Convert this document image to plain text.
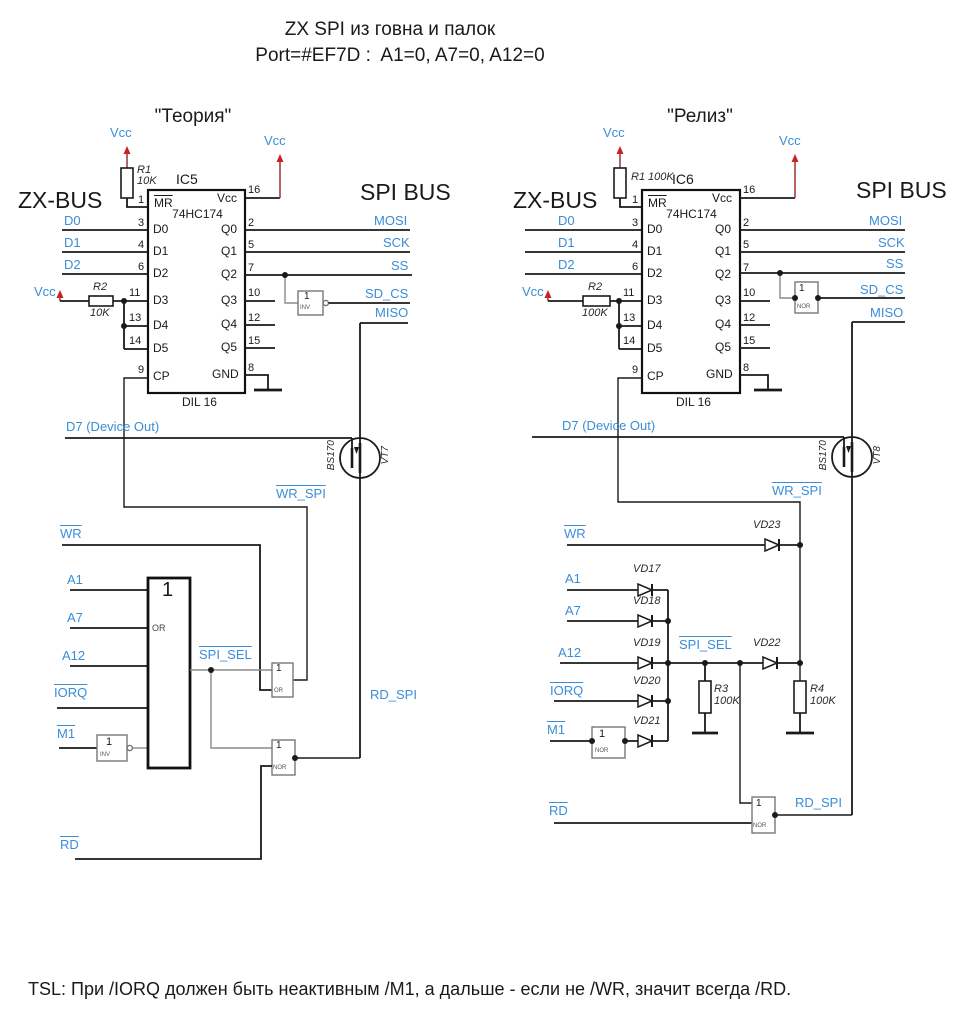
ZX SPI из говна и палок
Port=#EF7D :  A1=0, A7=0, A12=0
"Теория"
ZX-BUS	SPI BUS
Vcc
Vcc
Vcc
R1
10K
R2
10K
IC5
74HC174
$\overline{MR}$	Vcc
D0
D1
D2
D3
D4
D5
CP
Q0
Q1
Q2
Q3
Q4
Q5
GND
DIL 16
1
3
4
6
11
13
14
9
16
2
5
7
10
12
15
8
D0
D1
D2
MOSI
SCK
SS
SD_CS
MISO
D7 (Device Out)
WR_SPI
$\overline{WR}$
A1
A7
A12
IORQ
M1
SPI_SEL
RD_SPI
$\overline{RD}$
BS170	VT7
1
OR
1
INV
1
INV
1
OR
1
NOR
"Релиз"
ZX-BUS	SPI BUS
Vcc
Vcc
Vcc
R1 100K
R2
100K
R3
100K
R4
100K
IC6
74HC174
$\overline{MR}$	Vcc
D0
D1
D2
D3
D4
D5
CP
Q0
Q1
Q2
Q3
Q4
Q5
GND
DIL 16
1
3
4
6
11
13
14
9
16
2
5
7
10
12
15
8
D0
D1
D2
MOSI
SCK
SS
SD_CS
MISO
D7 (Device Out)
WR_SPI
$\overline{WR}$
A1
A7
A12
IORQ
M1
SPI_SEL
RD_SPI
$\overline{RD}$
VD17
VD18
VD19
VD20
VD21
VD22
VD23
BS170	VT8
1
NOR
1
NOR
1
NOR
TSL: При /IORQ должен быть неактивным /M1, а дальше - если не /WR, значит всегда /RD.
